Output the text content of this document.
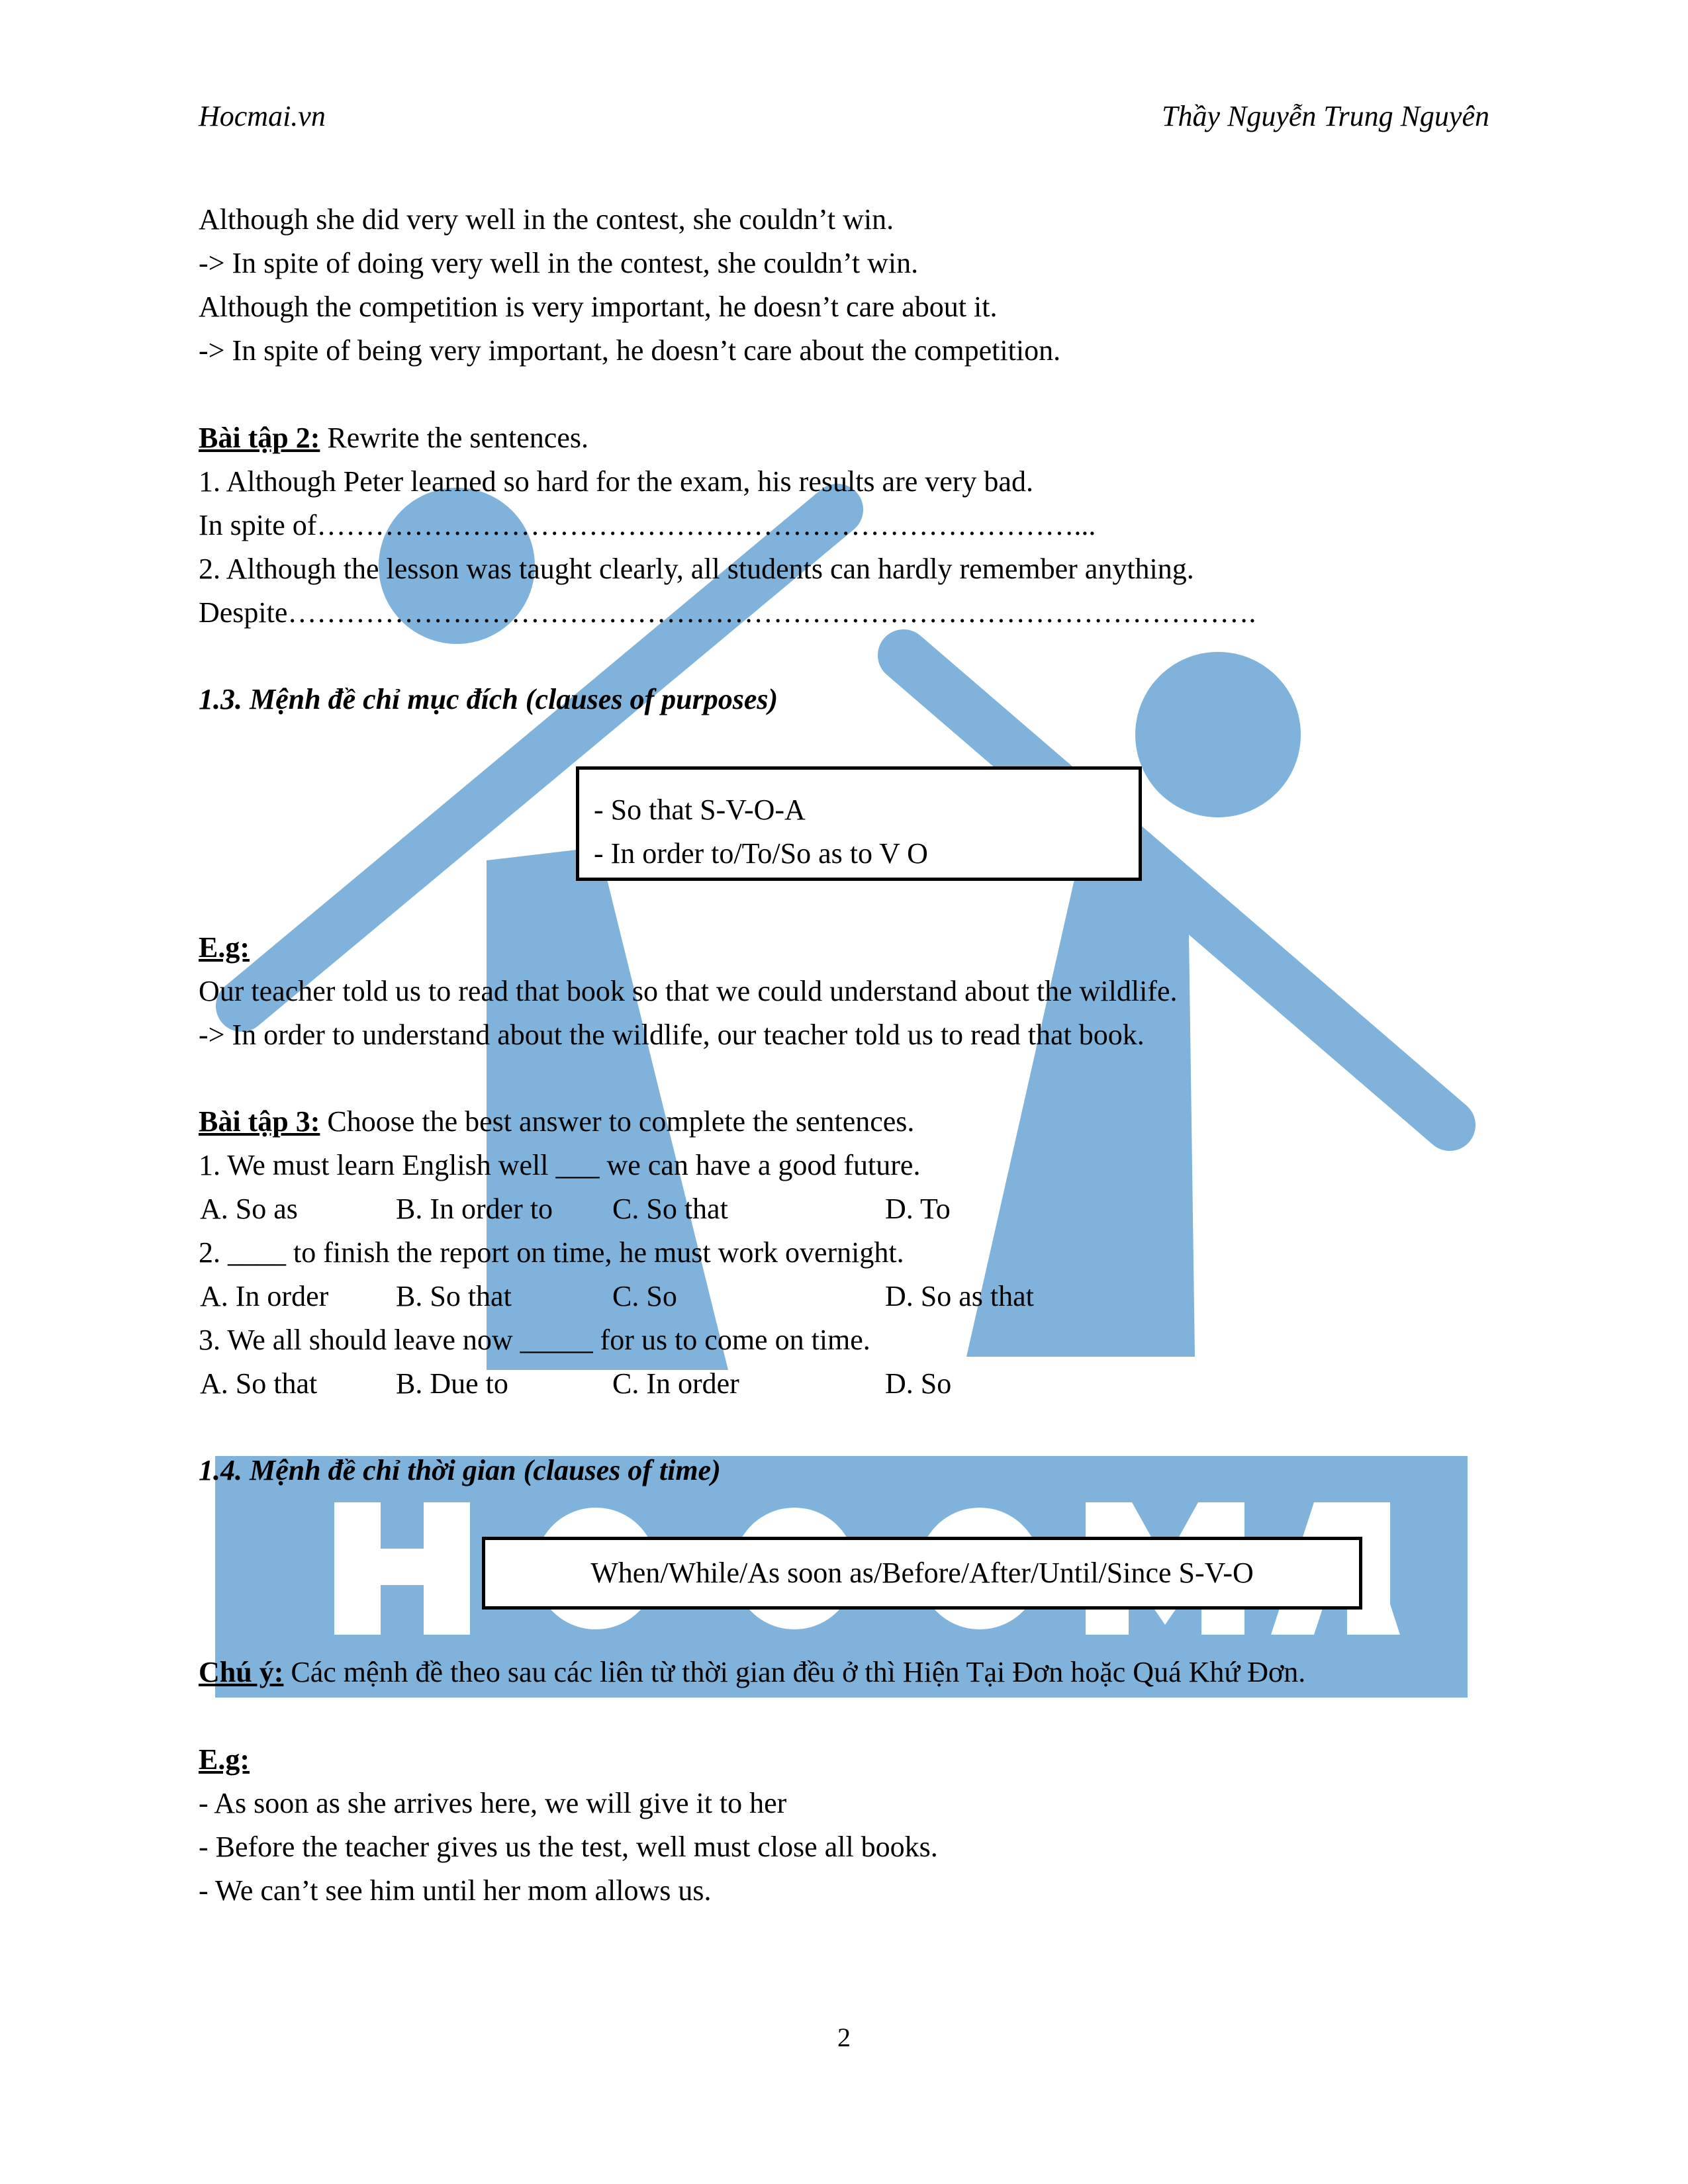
Hocmai.vn	Thầy Nguyễn Trung Nguyên
Although she did very well in the contest, she couldn’t win.
-> In spite of doing very well in the contest, she couldn’t win.
Although the competition is very important, he doesn’t care about it.
-> In spite of being very important, he doesn’t care about the competition.
Bài tập 2: Rewrite the sentences.
1. Although Peter learned so hard for the exam, his results are very bad.
In spite of……………………………………………………………………...
2. Although the lesson was taught clearly, all students can hardly remember anything.
Despite……………………………………………………………………………………….
1.3. Mệnh đề chỉ mục đích (clauses of purposes)
- So that S-V-O-A
- In order to/To/So as to V O
E.g:
Our teacher told us to read that book so that we could understand about the wildlife.
-> In order to understand about the wildlife, our teacher told us to read that book.
Bài tập 3: Choose the best answer to complete the sentences.
1. We must learn English well ___ we can have a good future.
A. So as	B. In order to C. So that	D. To
2. ____ to finish the report on time, he must work overnight.
A. In order B. So that	C. So	D. So as that
3. We all should leave now _____ for us to come on time.
A. So that	B. Due to	C. In order	D. So
1.4. Mệnh đề chỉ thời gian (clauses of time)
When/While/As soon as/Before/After/Until/Since S-V-O
Chú ý: Các mệnh đề theo sau các liên từ thời gian đều ở thì Hiện Tại Đơn hoặc Quá Khứ Đơn.
E.g:
- As soon as she arrives here, we will give it to her
- Before the teacher gives us the test, well must close all books.
- We can’t see him until her mom allows us.
2
